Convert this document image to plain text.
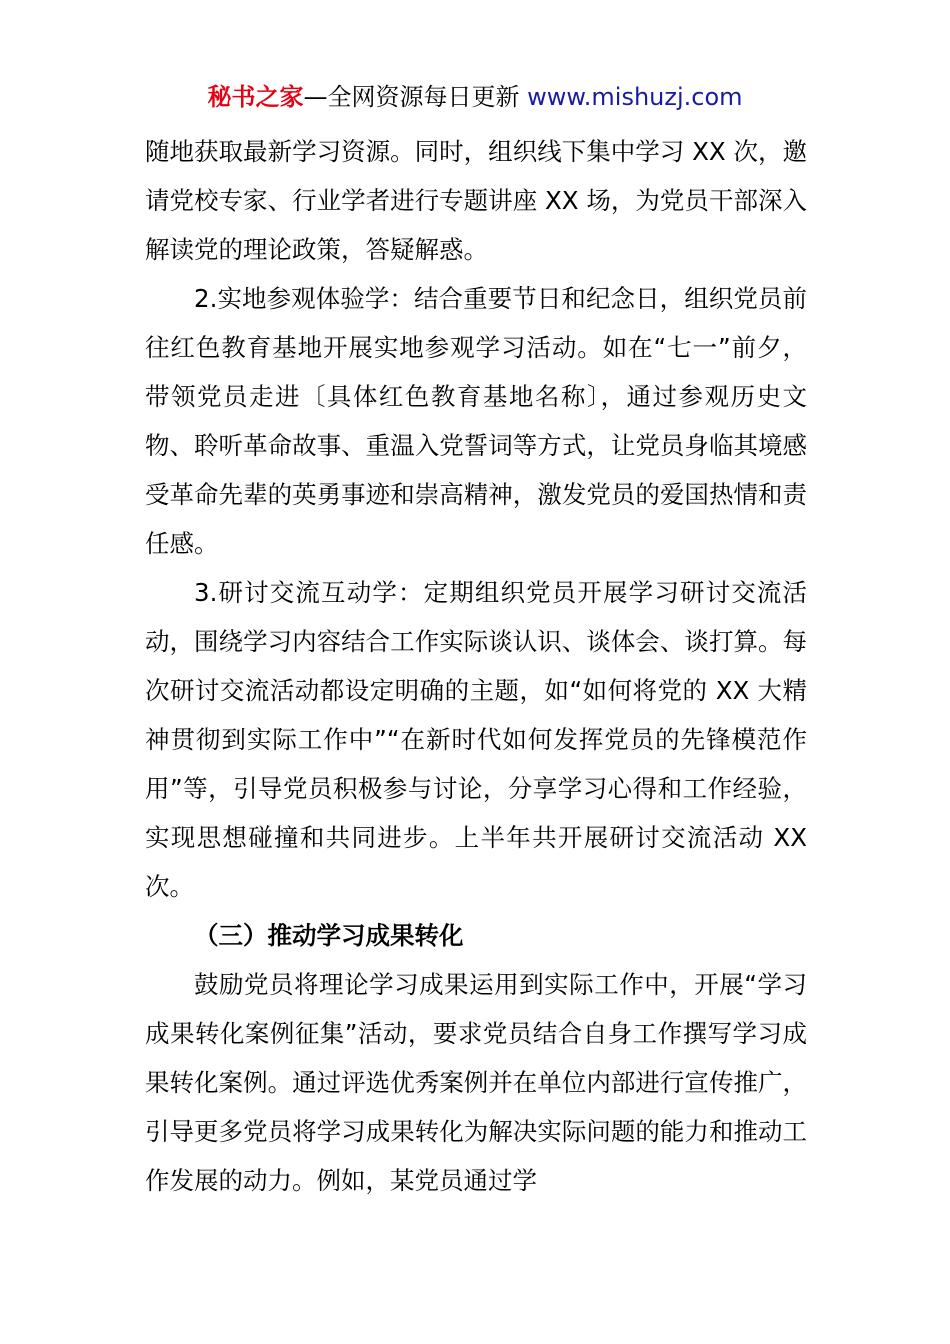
秘书之家—全网资源每日更新 www.mishuzj.com

随地获取最新学习资源。同时，组织线下集中学习 XX 次，邀请党校专家、行业学者进行专题讲座 XX 场，为党员干部深入解读党的理论政策，答疑解惑。

2.实地参观体验学：结合重要节日和纪念日，组织党员前往红色教育基地开展实地参观学习活动。如在“七一”前夕，带领党员走进〔具体红色教育基地名称〕，通过参观历史文物、聆听革命故事、重温入党誓词等方式，让党员身临其境感受革命先辈的英勇事迹和崇高精神，激发党员的爱国热情和责任感。

3.研讨交流互动学：定期组织党员开展学习研讨交流活动，围绕学习内容结合工作实际谈认识、谈体会、谈打算。每次研讨交流活动都设定明确的主题，如“如何将党的 XX 大精神贯彻到实际工作中”“在新时代如何发挥党员的先锋模范作用”等，引导党员积极参与讨论，分享学习心得和工作经验，实现思想碰撞和共同进步。上半年共开展研讨交流活动 XX 次。

（三）推动学习成果转化

鼓励党员将理论学习成果运用到实际工作中，开展“学习成果转化案例征集”活动，要求党员结合自身工作撰写学习成果转化案例。通过评选优秀案例并在单位内部进行宣传推广，引导更多党员将学习成果转化为解决实际问题的能力和推动工作发展的动力。例如，某党员通过学
